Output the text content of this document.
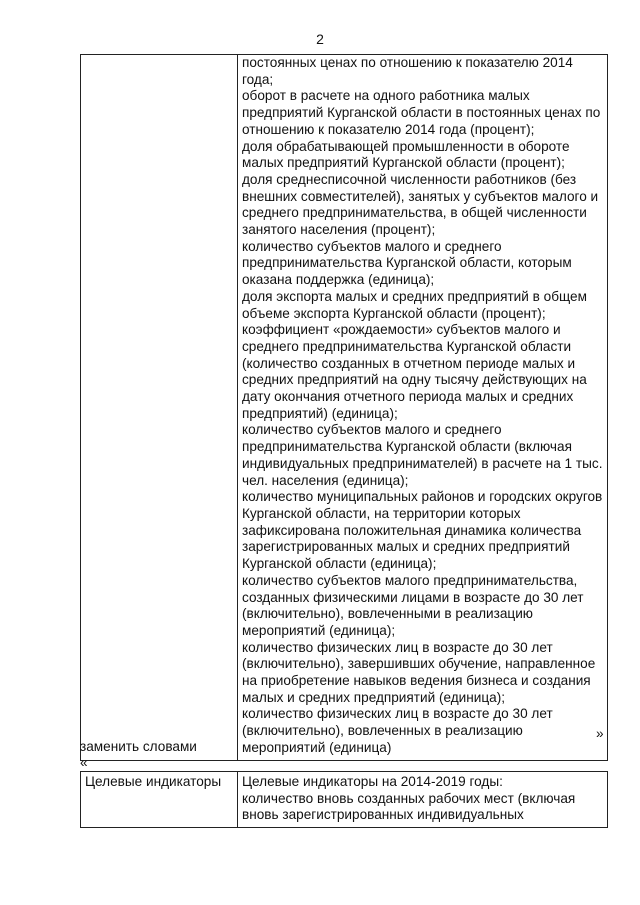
2

постоянных ценах по отношению к показателю 2014
года;
оборот в расчете на одного работника малых
предприятий Курганской области в постоянных ценах по
отношению к показателю 2014 года (процент);
доля обрабатывающей промышленности в обороте
малых предприятий Курганской области (процент);
доля среднесписочной численности работников (без
внешних совместителей), занятых у субъектов малого и
среднего предпринимательства, в общей численности
занятого населения (процент);
количество субъектов малого и среднего
предпринимательства Курганской области, которым
оказана поддержка (единица);
доля экспорта малых и средних предприятий в общем
объеме экспорта Курганской области (процент);
коэффициент «рождаемости» субъектов малого и
среднего предпринимательства Курганской области
(количество созданных в отчетном периоде малых и
средних предприятий на одну тысячу действующих на
дату окончания отчетного периода малых и средних
предприятий) (единица);
количество субъектов малого и среднего
предпринимательства Курганской области (включая
индивидуальных предпринимателей) в расчете на 1 тыс.
чел. населения (единица);
количество муниципальных районов и городских округов
Курганской области, на территории которых
зафиксирована положительная динамика количества
зарегистрированных малых и средних предприятий
Курганской области (единица);
количество субъектов малого предпринимательства,
созданных физическими лицами в возрасте до 30 лет
(включительно), вовлеченными в реализацию
мероприятий (единица);
количество физических лиц в возрасте до 30 лет
(включительно), завершивших обучение, направленное
на приобретение навыков ведения бизнеса и создания
малых и средних предприятий (единица);
количество физических лиц в возрасте до 30 лет
(включительно), вовлеченных в реализацию
мероприятий (единица)
»
заменить словами
«
Целевые индикаторы	Целевые индикаторы на 2014-2019 годы:
количество вновь созданных рабочих мест (включая
вновь зарегистрированных индивидуальных
